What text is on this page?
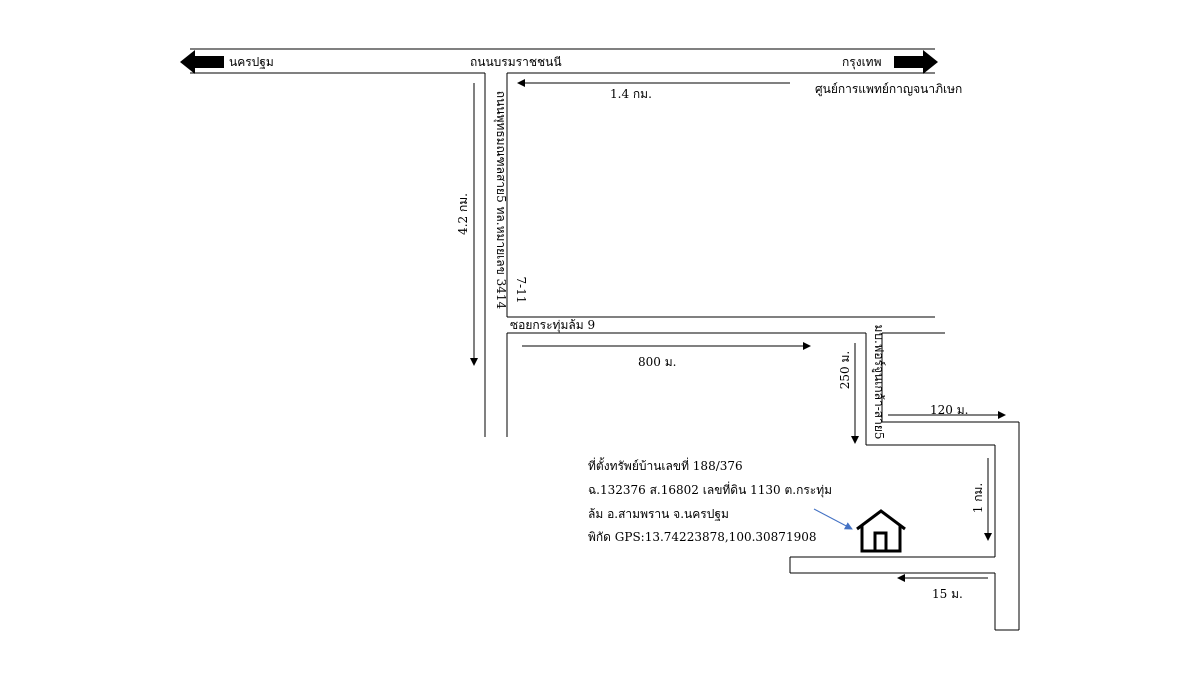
นครปฐม	ถนนบรมราชชนนี	กรุงเทพ
1.4 กม.	ศูนย์การแพทย์กาญจนาภิเษก
4.2 กม. ถนนพุทธมณฑลสาย5 ทล.หมายเลข 3414 7-11
ซอยกระทุ่มล้ม 9
800 ม.	มบ.ฟอร์จูนเกล้า-สาย5
250 ม.
120 ม.
1 กม.
15 ม.
ที่ตั้งทรัพย์บ้านเลขที่ 188/376
ฉ.132376 ส.16802 เลขที่ดิน 1130 ต.กระทุ่ม
ล้ม อ.สามพราน จ.นครปฐม
พิกัด GPS:13.74223878,100.30871908
